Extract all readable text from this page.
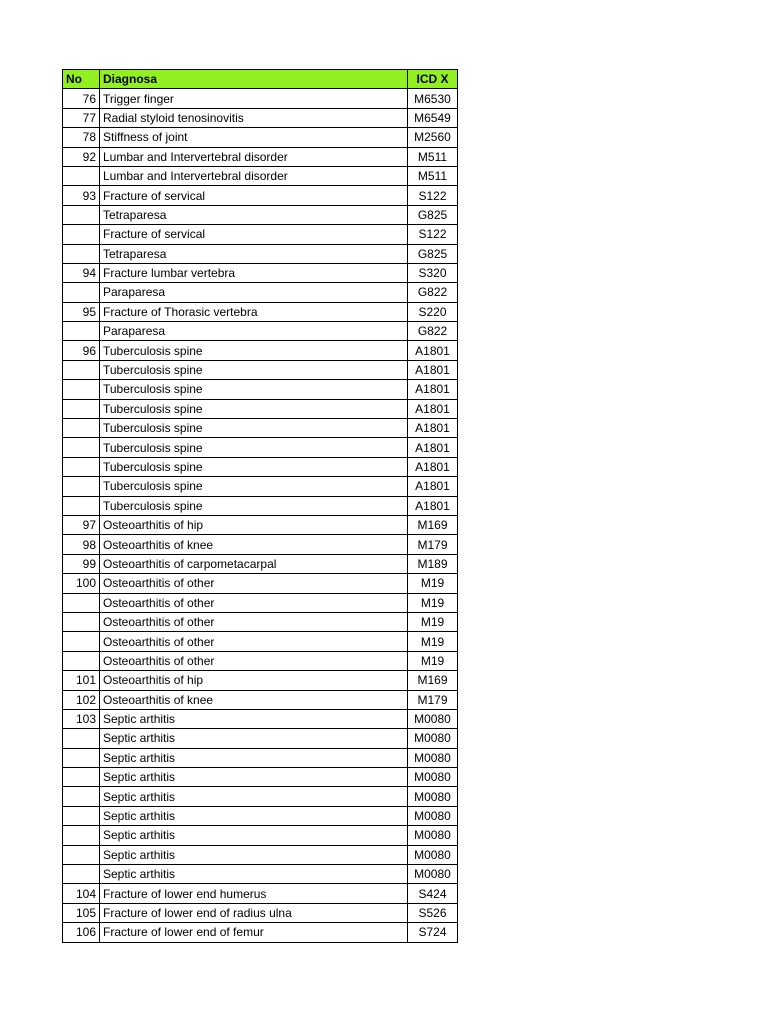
No	Diagnosa	ICD X
76	Trigger finger	M6530
77	Radial styloid tenosinovitis	M6549
78	Stiffness of joint	M2560
92	Lumbar and Intervertebral disorder	M511
	Lumbar and Intervertebral disorder	M511
93	Fracture of servical	S122
	Tetraparesa	G825
	Fracture of servical	S122
	Tetraparesa	G825
94	Fracture lumbar vertebra	S320
	Paraparesa	G822
95	Fracture of Thorasic vertebra	S220
	Paraparesa	G822
96	Tuberculosis spine	A1801
	Tuberculosis spine	A1801
	Tuberculosis spine	A1801
	Tuberculosis spine	A1801
	Tuberculosis spine	A1801
	Tuberculosis spine	A1801
	Tuberculosis spine	A1801
	Tuberculosis spine	A1801
	Tuberculosis spine	A1801
97	Osteoarthitis of hip	M169
98	Osteoarthitis of knee	M179
99	Osteoarthitis of carpometacarpal	M189
100	Osteoarthitis of other	M19
	Osteoarthitis of other	M19
	Osteoarthitis of other	M19
	Osteoarthitis of other	M19
	Osteoarthitis of other	M19
101	Osteoarthitis of hip	M169
102	Osteoarthitis of knee	M179
103	Septic arthitis	M0080
	Septic arthitis	M0080
	Septic arthitis	M0080
	Septic arthitis	M0080
	Septic arthitis	M0080
	Septic arthitis	M0080
	Septic arthitis	M0080
	Septic arthitis	M0080
	Septic arthitis	M0080
104	Fracture of lower end humerus	S424
105	Fracture of lower end of radius ulna	S526
106	Fracture of lower end of femur	S724
